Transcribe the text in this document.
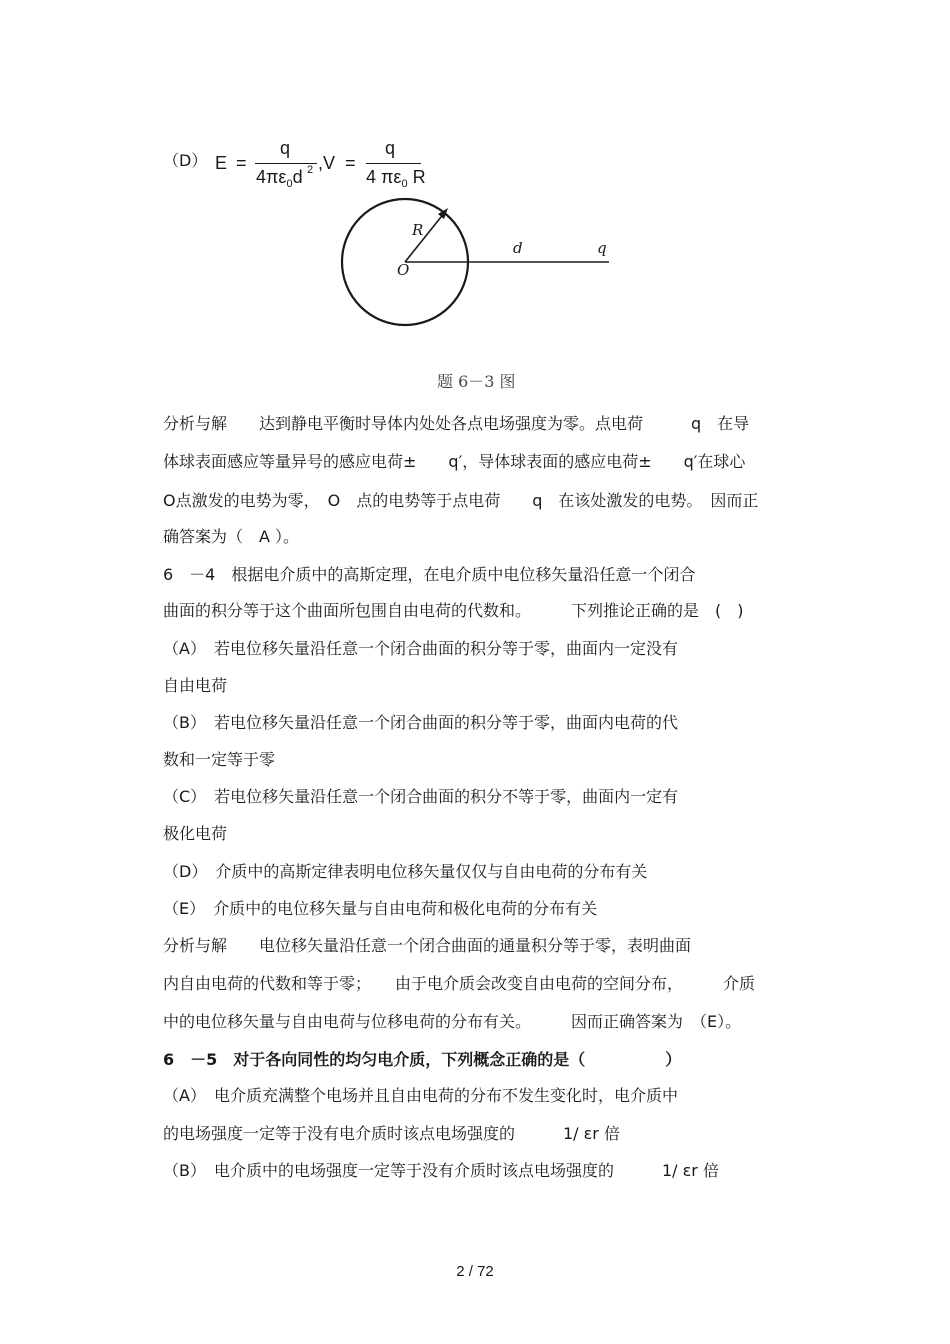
（D） E =
q
$4\pi\varepsilon_0d$ 2 ,V =
q
4 $\pi\varepsilon_0$ R
R
O
d	q
题 6－3 图
分析与解　　达到静电平衡时导体内处处各点电场强度为零。点电荷　　　q　在导
体球表面感应等量异号的感应电荷±　　q′，导体球表面的感应电荷±　　q′在球心
O点激发的电势为零，　O　点的电势等于点电荷　　q　在该处激发的电势。　因而正
确答案为（　A ）。
6　－4　根据电介质中的高斯定理，在电介质中电位移矢量沿任意一个闭合
曲面的积分等于这个曲面所包围自由电荷的代数和。　　　下列推论正确的是　(　)
（A）　若电位移矢量沿任意一个闭合曲面的积分等于零，曲面内一定没有
自由电荷
（B）　若电位移矢量沿任意一个闭合曲面的积分等于零，曲面内电荷的代
数和一定等于零
（C）　若电位移矢量沿任意一个闭合曲面的积分不等于零，曲面内一定有
极化电荷
（D）　介质中的高斯定律表明电位移矢量仅仅与自由电荷的分布有关
（E）　介质中的电位移矢量与自由电荷和极化电荷的分布有关
分析与解　　电位移矢量沿任意一个闭合曲面的通量积分等于零，表明曲面
内自由电荷的代数和等于零；　　由于电介质会改变自由电荷的空间分布，　　　介质
中的电位移矢量与自由电荷与位移电荷的分布有关。　　　因而正确答案为　（E）。
6　－5　对于各向同性的均匀电介质，下列概念正确的是（　　　　　）
（A）　电介质充满整个电场并且自由电荷的分布不发生变化时，电介质中
的电场强度一定等于没有电介质时该点电场强度的　　　1/ εr 倍
（B）　电介质中的电场强度一定等于没有介质时该点电场强度的　　　1/ εr 倍
2 / 72
